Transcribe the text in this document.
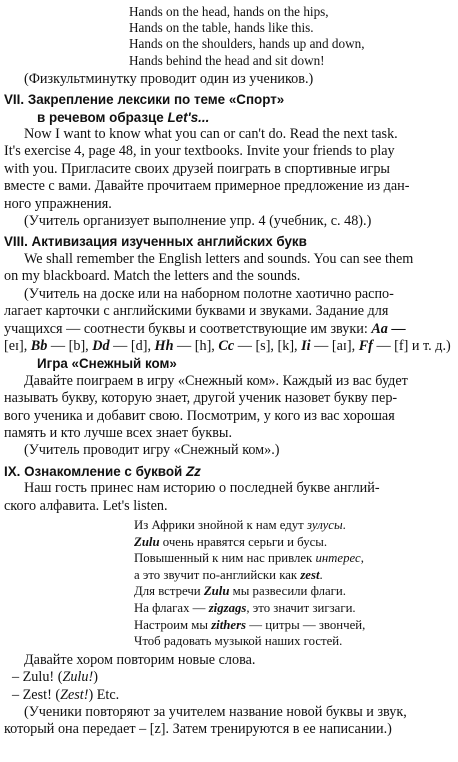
Hands on the head, hands on the hips,
Hands on the table, hands like this.
Hands on the shoulders, hands up and down,
Hands behind the head and sit down!

(Физкультминутку проводит один из учеников.)

VII. Закрепление лексики по теме «Спорт»
в речевом образце Let's...

Now I want to know what you can or can't do. Read the next task.

It's exercise 4, page 48, in your textbooks. Invite your friends to play

with you. Пригласите своих друзей поиграть в спортивные игры

вместе с вами. Давайте прочитаем примерное предложение из дан-

ного упражнения.

(Учитель организует выполнение упр. 4 (учебник, с. 48).)

VIII. Активизация изученных английских букв

We shall remember the English letters and sounds. You can see them

on my blackboard. Match the letters and the sounds.

(Учитель на доске или на наборном полотне хаотично распо-

лагает карточки с английскими буквами и звуками. Задание для

учащихся — соотнести буквы и соответствующие им звуки: Aa —

[eɪ], Bb — [b], Dd — [d], Hh — [h], Cc — [s], [k], Ii — [aɪ], Ff — [f] и т. д.)

Игра «Снежный ком»

Давайте поиграем в игру «Снежный ком». Каждый из вас будет

называть букву, которую знает, другой ученик назовет букву пер-

вого ученика и добавит свою. Посмотрим, у кого из вас хорошая

память и кто лучше всех знает буквы.

(Учитель проводит игру «Снежный ком».)

IX. Ознакомление с буквой Zz

Наш гость принес нам историю о последней букве англий-

ского алфавита. Let's listen.

Из Африки знойной к нам едут зулусы.
Zulu очень нравятся серьги и бусы.
Повышенный к ним нас привлек интерес,
а это звучит по-английски как zest.
Для встречи Zulu мы развесили флаги.
На флагах — zigzags, это значит зигзаги.
Настроим мы zithers — цитры — звончей,
Чтоб радовать музыкой наших гостей.

Давайте хором повторим новые слова.

– Zulu! (Zulu!)

– Zest! (Zest!) Etc.

(Ученики повторяют за учителем название новой буквы и звук,

который она передает – [z]. Затем тренируются в ее написании.)
